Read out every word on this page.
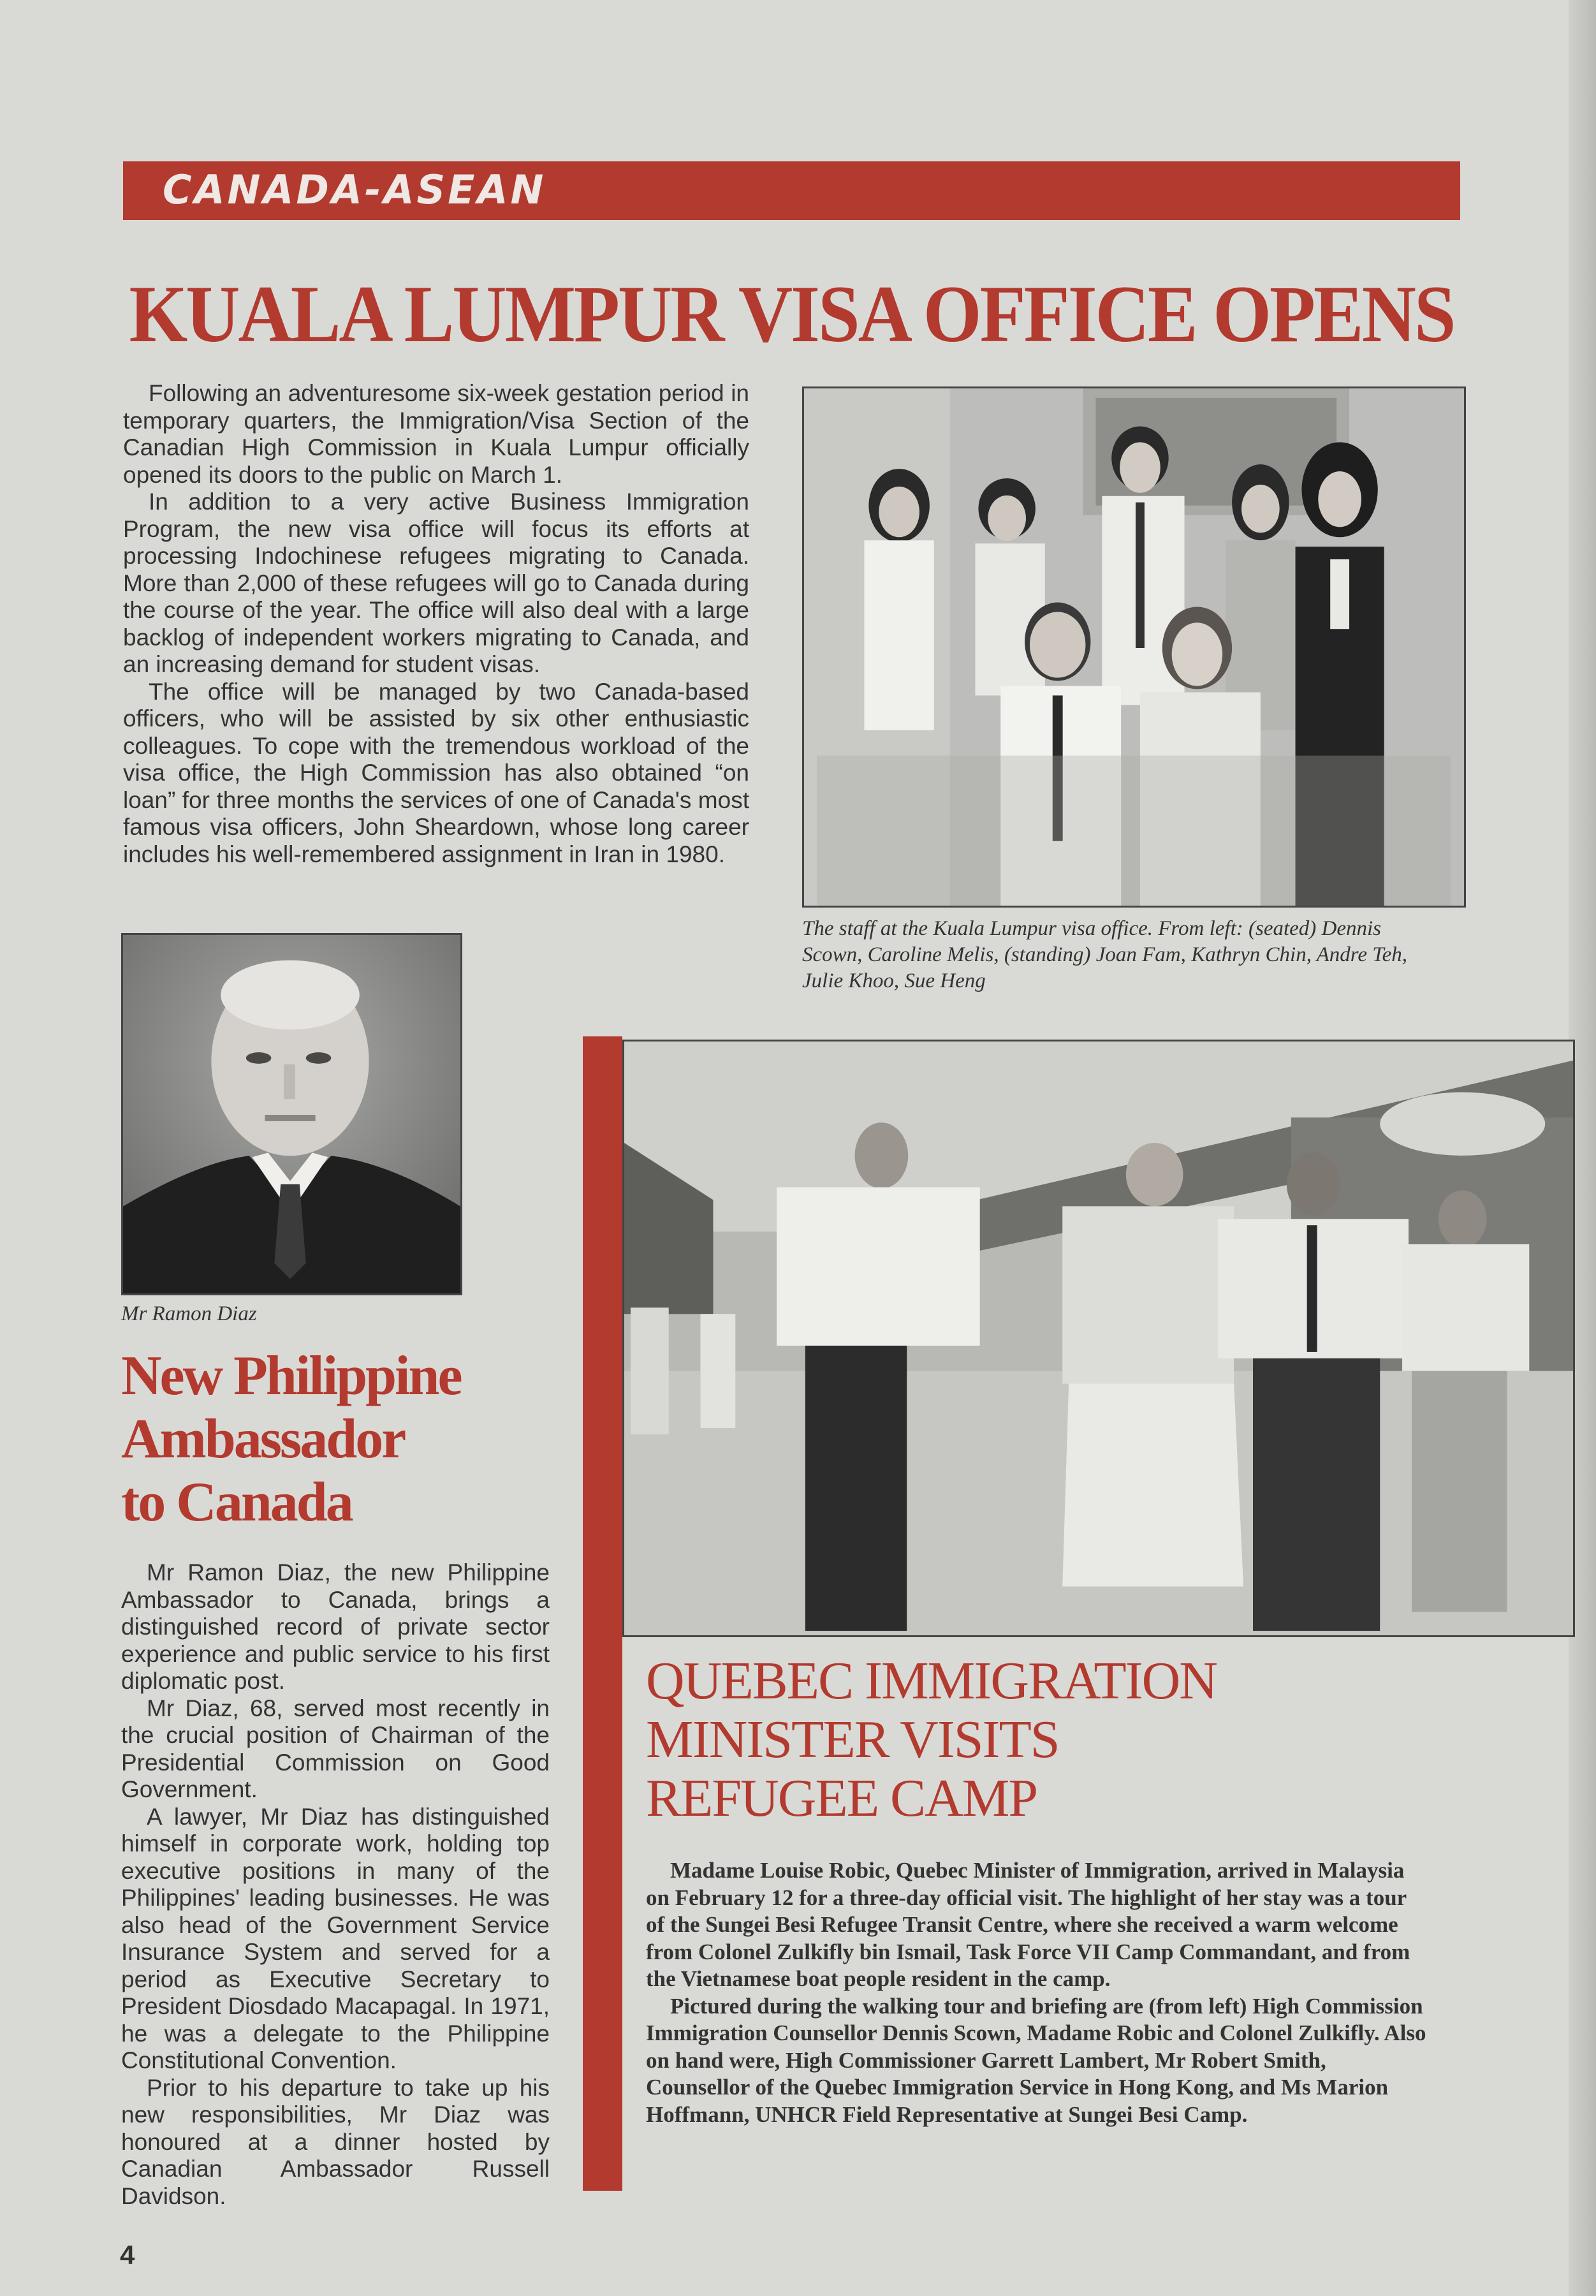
CANADA-ASEAN
KUALA LUMPUR VISA OFFICE OPENS

Following an adventuresome six-week gestation period in temporary quarters, the Immigration/Visa Section of the Canadian High Commission in Kuala Lumpur officially opened its doors to the public on March 1.

In addition to a very active Business Immigration Program, the new visa office will focus its efforts at processing Indochinese refugees migrating to Canada. More than 2,000 of these refugees will go to Canada during the course of the year. The office will also deal with a large backlog of independent workers migrating to Canada, and an increasing demand for student visas.

The office will be managed by two Canada-based officers, who will be assisted by six other enthusiastic colleagues. To cope with the tremendous workload of the visa office, the High Commission has also obtained “on loan” for three months the services of one of Canada's most famous visa officers, John Sheardown, whose long career includes his well-remembered assignment in Iran in 1980.

The staff at the Kuala Lumpur visa office. From left: (seated) Dennis Scown, Caroline Melis, (standing) Joan Fam, Kathryn Chin, Andre Teh, Julie Khoo, Sue Heng
Mr Ramon Diaz
New Philippine
Ambassador
to Canada

Mr Ramon Diaz, the new Philippine Ambassador to Canada, brings a distinguished record of private sector experience and public service to his first diplomatic post.

Mr Diaz, 68, served most recently in the crucial position of Chairman of the Presidential Commission on Good Government.

A lawyer, Mr Diaz has distinguished himself in corporate work, holding top executive positions in many of the Philippines' leading businesses. He was also head of the Government Service Insurance System and served for a period as Executive Secretary to President Diosdado Macapagal. In 1971, he was a delegate to the Philippine Constitutional Convention.

Prior to his departure to take up his new responsibilities, Mr Diaz was honoured at a dinner hosted by Canadian Ambassador Russell Davidson.

QUEBEC IMMIGRATION
MINISTER VISITS
REFUGEE CAMP

Madame Louise Robic, Quebec Minister of Immigration, arrived in Malaysia on February 12 for a three-day official visit. The highlight of her stay was a tour of the Sungei Besi Refugee Transit Centre, where she received a warm welcome from Colonel Zulkifly bin Ismail, Task Force VII Camp Commandant, and from the Vietnamese boat people resident in the camp.

Pictured during the walking tour and briefing are (from left) High Commission Immigration Counsellor Dennis Scown, Madame Robic and Colonel Zulkifly. Also on hand were, High Commissioner Garrett Lambert, Mr Robert Smith, Counsellor of the Quebec Immigration Service in Hong Kong, and Ms Marion Hoffmann, UNHCR Field Representative at Sungei Besi Camp.

4
